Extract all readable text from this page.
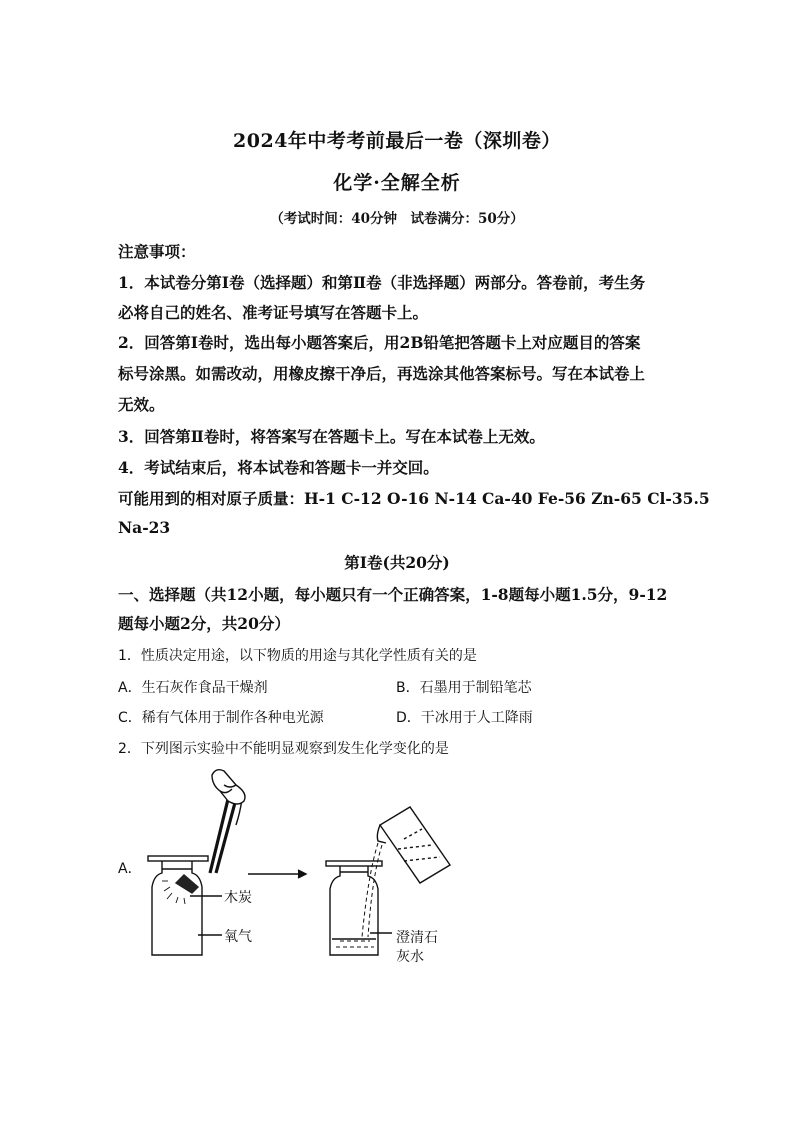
2024年中考考前最后一卷（深圳卷）
化学·全解全析
（考试时间：40分钟　试卷满分：50分）
注意事项：
1．本试卷分第Ⅰ卷（选择题）和第Ⅱ卷（非选择题）两部分。答卷前，考生务
必将自己的姓名、准考证号填写在答题卡上。
2．回答第Ⅰ卷时，选出每小题答案后，用2B铅笔把答题卡上对应题目的答案
标号涂黑。如需改动，用橡皮擦干净后，再选涂其他答案标号。写在本试卷上
无效。
3．回答第Ⅱ卷时，将答案写在答题卡上。写在本试卷上无效。
4．考试结束后，将本试卷和答题卡一并交回。
可能用到的相对原子质量：H-1 C-12 O-16 N-14 Ca-40 Fe-56 Zn-65 Cl-35.5
Na-23
第Ⅰ卷(共20分)
一、选择题（共12小题，每小题只有一个正确答案，1-8题每小题1.5分，9-12
题每小题2分，共20分）
1．性质决定用途，以下物质的用途与其化学性质有关的是
A．生石灰作食品干燥剂	B．石墨用于制铅笔芯
C．稀有气体用于制作各种电光源	D．干冰用于人工降雨
2．下列图示实验中不能明显观察到发生化学变化的是
A．
木炭
氧气	澄清石
灰水
